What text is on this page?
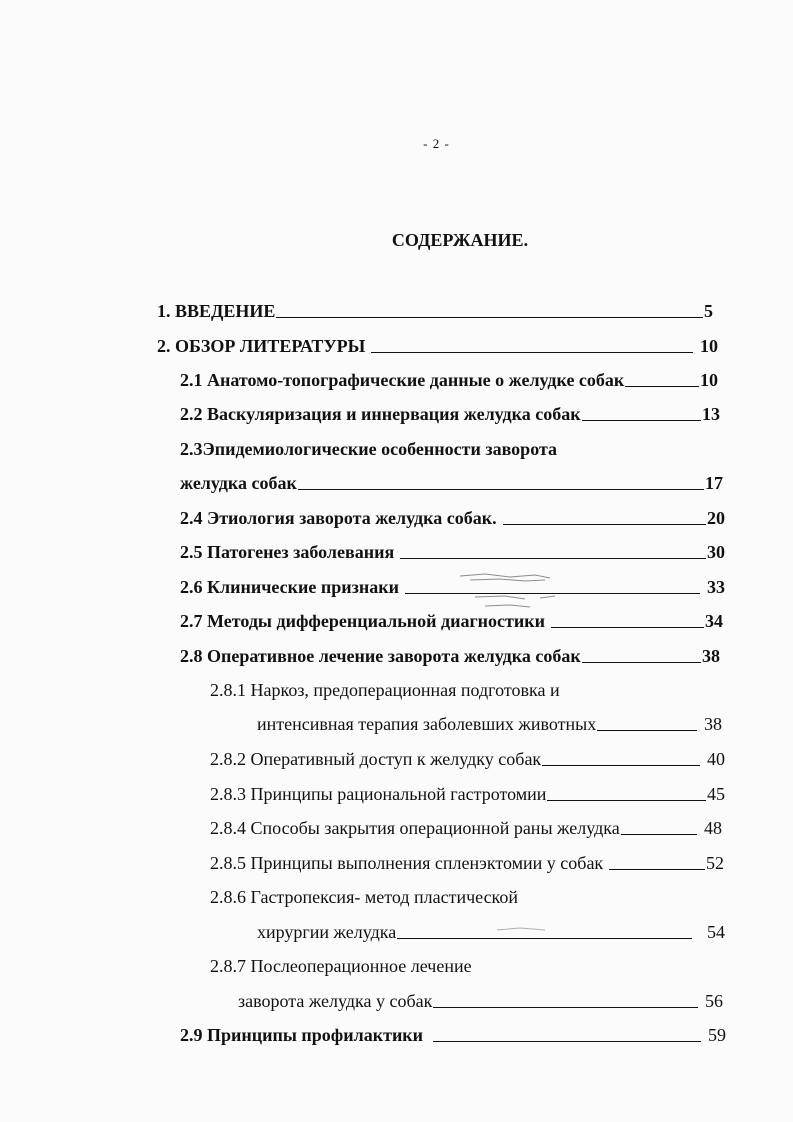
- 2 -
СОДЕРЖАНИЕ.
1. ВВЕДЕНИЕ	5
2. ОБЗОР ЛИТЕРАТУРЫ	10
2.1 Анатомо-топографические данные о желудке собак	10
2.2 Васкуляризация и иннервация желудка собак	13
2.3Эпидемиологические особенности заворота
желудка собак	17
2.4 Этиология заворота желудка собак.	20
2.5 Патогенез заболевания	30
2.6 Клинические признаки	33
2.7 Методы дифференциальной диагностики	34
2.8 Оперативное лечение заворота желудка собак	38
2.8.1 Наркоз, предоперационная подготовка и
интенсивная терапия заболевших животных	38
2.8.2 Оперативный доступ к желудку собак	40
2.8.3 Принципы рациональной гастротомии	45
2.8.4 Способы закрытия операционной раны желудка	48
2.8.5 Принципы выполнения спленэктомии у собак	52
2.8.6 Гастропексия- метод пластической
хирургии желудка	54
2.8.7 Послеоперационное лечение
заворота желудка у собак	56
2.9 Принципы профилактики	59
